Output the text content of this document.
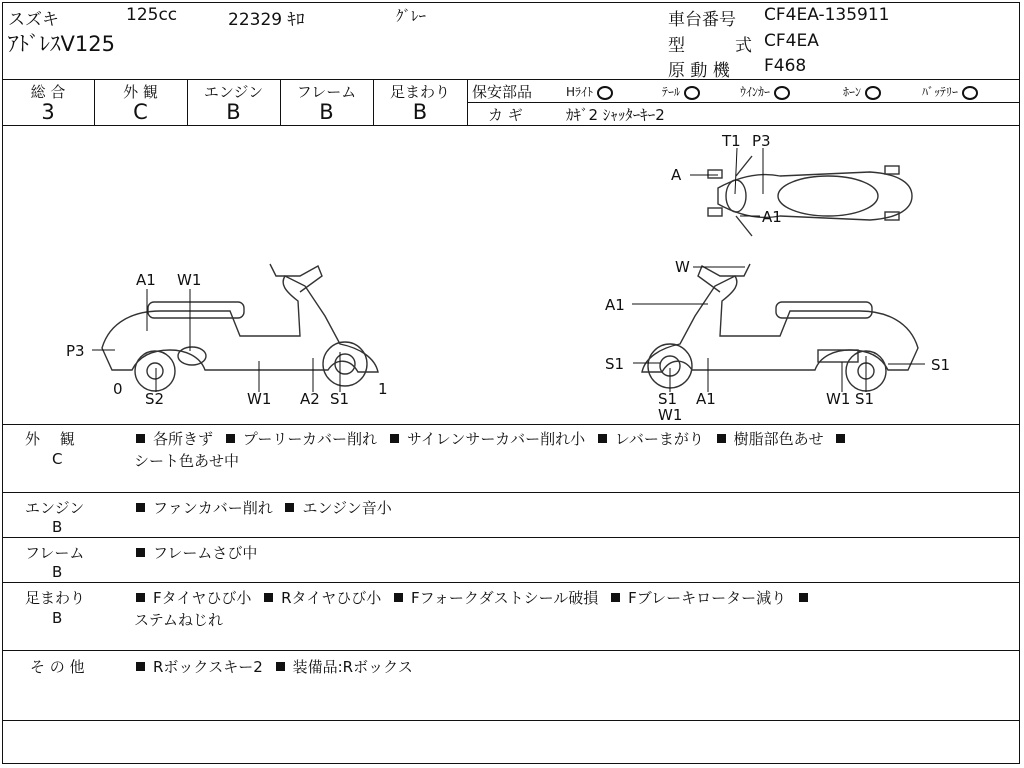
スズキ	125cc	22329 ｷﾛ	ｸﾞﾚｰ
ｱﾄﾞﾚｽV125
車台番号 CF4EA-135911
型	式 CF4EA
原 動 機 F468
総 合
3
外 観
C
エンジン
B
フレーム
B
足まわり
B
保安部品	Hﾗｲﾄ	ﾃｰﾙ	ｳｲﾝｶｰ	ﾎｰﾝ	ﾊﾞｯﾃﾘｰ
カ ギ	ｶｷﾞ2 ｼｬｯﾀｰｷｰ2
A1 W1
P3
0
S2	W1 A2 S1
1
T1 P3
A
A1
W
A1
S1	S1
W1
A1	W1 S1
S1
外　 観
C
各所きず プーリーカバー削れ サイレンサーカバー削れ小 レバーまがり 樹脂部色あせ
シート色あせ中
エンジン
B
ファンカバー削れ エンジン音小
フレーム
B
フレームさび中
足まわり
B
Fタイヤひび小 Rタイヤひび小 Fフォークダストシール破損 Fブレーキローター減り
ステムねじれ
そ の 他	Rボックスキー2 装備品:Rボックス
